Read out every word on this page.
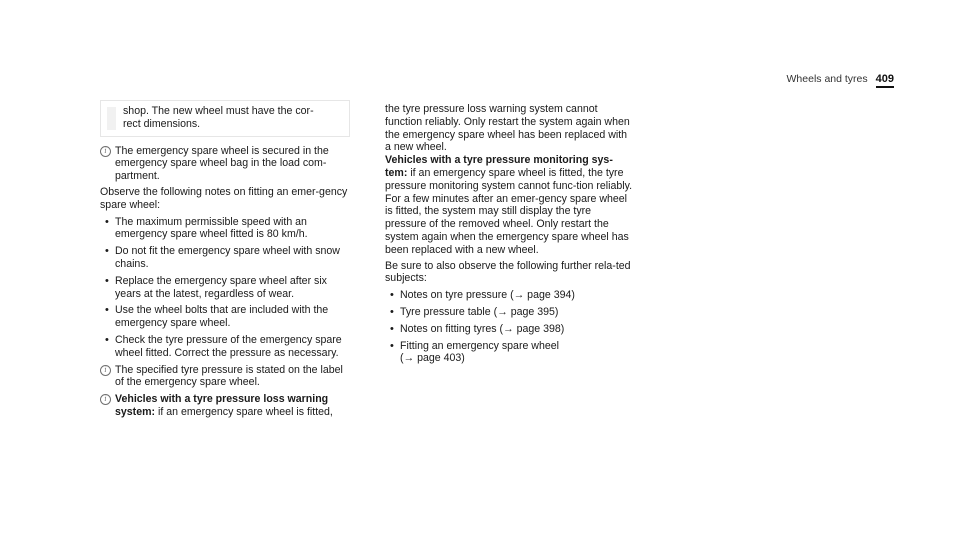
Wheels and tyres 409

shop. The new wheel must have the cor-
rect dimensions.

i The emergency spare wheel is secured in the emergency spare wheel bag in the load com-partment.

Observe the following notes on fitting an emer-gency spare wheel:

• The maximum permissible speed with an emergency spare wheel fitted is 80 km/h.
• Do not fit the emergency spare wheel with snow chains.
• Replace the emergency spare wheel after six years at the latest, regardless of wear.
• Use the wheel bolts that are included with the emergency spare wheel.
• Check the tyre pressure of the emergency spare wheel fitted. Correct the pressure as necessary.
i The specified tyre pressure is stated on the label of the emergency spare wheel.

i Vehicles with a tyre pressure loss warning system: if an emergency spare wheel is fitted,

the tyre pressure loss warning system cannot function reliably. Only restart the system again when the emergency spare wheel has been replaced with a new wheel.

Vehicles with a tyre pressure monitoring sys-tem: if an emergency spare wheel is fitted, the tyre pressure monitoring system cannot func-tion reliably. For a few minutes after an emer-gency spare wheel is fitted, the system may still display the tyre pressure of the removed wheel. Only restart the system again when the emergency spare wheel has been replaced with a new wheel.

Be sure to also observe the following further rela-ted subjects:

• Notes on tyre pressure (→ page 394)
• Tyre pressure table (→ page 395)
• Notes on fitting tyres (→ page 398)
• Fitting an emergency spare wheel
(→ page 403)
